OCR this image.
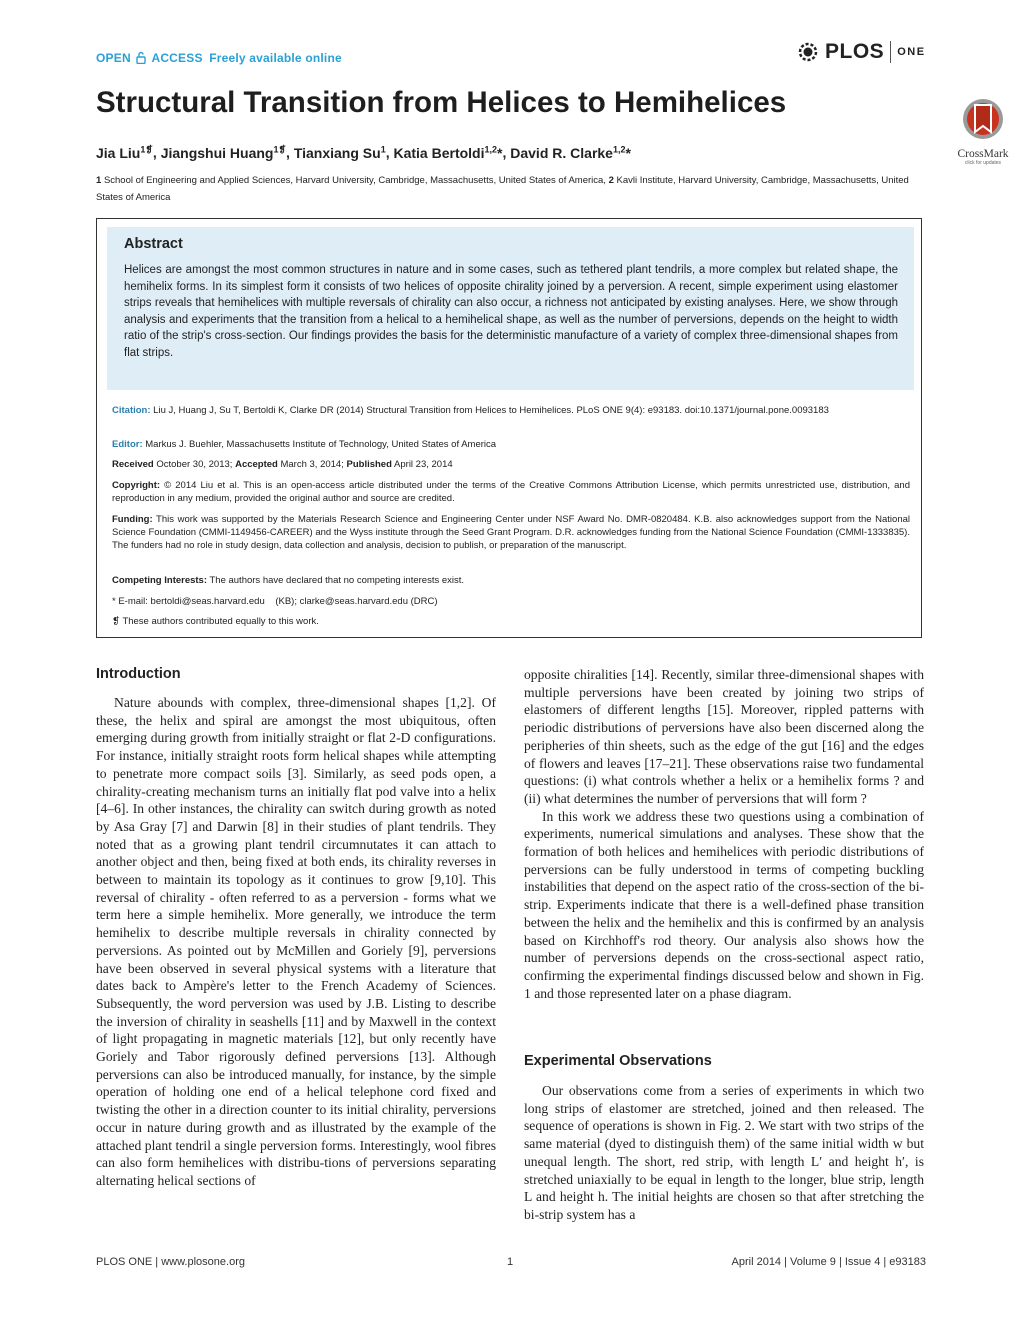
OPEN ACCESS Freely available online	PLOS ONE
Structural Transition from Helices to Hemihelices
CrossMark
click for updates
Jia Liu$^{1❡}$, Jiangshui Huang$^{1❡}$, Tianxiang Su$^1$, Katia Bertoldi$^{1,2}$*, David R. Clarke$^{1,2}$*
1 School of Engineering and Applied Sciences, Harvard University, Cambridge, Massachusetts, United States of America, 2 Kavli Institute, Harvard University, Cambridge, Massachusetts, United States of America
Abstract
Helices are amongst the most common structures in nature and in some cases, such as tethered plant tendrils, a more complex but related shape, the hemihelix forms. In its simplest form it consists of two helices of opposite chirality joined by a perversion. A recent, simple experiment using elastomer strips reveals that hemihelices with multiple reversals of chirality can also occur, a richness not anticipated by existing analyses. Here, we show through analysis and experiments that the transition from a helical to a hemihelical shape, as well as the number of perversions, depends on the height to width ratio of the strip's cross-section. Our findings provides the basis for the deterministic manufacture of a variety of complex three-dimensional shapes from flat strips.
Citation: Liu J, Huang J, Su T, Bertoldi K, Clarke DR (2014) Structural Transition from Helices to Hemihelices. PLoS ONE 9(4): e93183. doi:10.1371/journal.pone.0093183
Editor: Markus J. Buehler, Massachusetts Institute of Technology, United States of America
Received October 30, 2013; Accepted March 3, 2014; Published April 23, 2014
Copyright: © 2014 Liu et al. This is an open-access article distributed under the terms of the Creative Commons Attribution License, which permits unrestricted use, distribution, and reproduction in any medium, provided the original author and source are credited.
Funding: This work was supported by the Materials Research Science and Engineering Center under NSF Award No. DMR-0820484. K.B. also acknowledges support from the National Science Foundation (CMMI-1149456-CAREER) and the Wyss institute through the Seed Grant Program. D.R. acknowledges funding from the National Science Foundation (CMMI-1333835). The funders had no role in study design, data collection and analysis, decision to publish, or preparation of the manuscript.
Competing Interests: The authors have declared that no competing interests exist.
* E-mail: bertoldi@seas.harvard.edu (KB); clarke@seas.harvard.edu (DRC)
❡ These authors contributed equally to this work.
Introduction

Nature abounds with complex, three-dimensional shapes [1,2]. Of these, the helix and spiral are amongst the most ubiquitous, often emerging during growth from initially straight or flat 2-D configurations. For instance, initially straight roots form helical shapes while attempting to penetrate more compact soils [3]. Similarly, as seed pods open, a chirality-creating mechanism turns an initially flat pod valve into a helix [4–6]. In other instances, the chirality can switch during growth as noted by Asa Gray [7] and Darwin [8] in their studies of plant tendrils. They noted that as a growing plant tendril circumnutates it can attach to another object and then, being fixed at both ends, its chirality reverses in between to maintain its topology as it continues to grow [9,10]. This reversal of chirality - often referred to as a perversion - forms what we term here a simple hemihelix. More generally, we introduce the term hemihelix to describe multiple reversals in chirality connected by perversions. As pointed out by McMillen and Goriely [9], perversions have been observed in several physical systems with a literature that dates back to Ampère's letter to the French Academy of Sciences. Subsequently, the word perversion was used by J.B. Listing to describe the inversion of chirality in seashells [11] and by Maxwell in the context of light propagating in magnetic materials [12], but only recently have Goriely and Tabor rigorously defined perversions [13]. Although perversions can also be introduced manually, for instance, by the simple operation of holding one end of a helical telephone cord fixed and twisting the other in a direction counter to its initial chirality, perversions occur in nature during growth and as illustrated by the example of the attached plant tendril a single perversion forms. Interestingly, wool fibres can also form hemihelices with distribu-tions of perversions separating alternating helical sections of

opposite chiralities [14]. Recently, similar three-dimensional shapes with multiple perversions have been created by joining two strips of elastomers of different lengths [15]. Moreover, rippled patterns with periodic distributions of perversions have also been discerned along the peripheries of thin sheets, such as the edge of the gut [16] and the edges of flowers and leaves [17–21]. These observations raise two fundamental questions: (i) what controls whether a helix or a hemihelix forms ? and (ii) what determines the number of perversions that will form ?

In this work we address these two questions using a combination of experiments, numerical simulations and analyses. These show that the formation of both helices and hemihelices with periodic distributions of perversions can be fully understood in terms of competing buckling instabilities that depend on the aspect ratio of the cross-section of the bi-strip. Experiments indicate that there is a well-defined phase transition between the helix and the hemihelix and this is confirmed by an analysis based on Kirchhoff's rod theory. Our analysis also shows how the number of perversions depends on the cross-sectional aspect ratio, confirming the experimental findings discussed below and shown in Fig. 1 and those represented later on a phase diagram.

Experimental Observations

Our observations come from a series of experiments in which two long strips of elastomer are stretched, joined and then released. The sequence of operations is shown in Fig. 2. We start with two strips of the same material (dyed to distinguish them) of the same initial width w but unequal length. The short, red strip, with length L′ and height h′, is stretched uniaxially to be equal in length to the longer, blue strip, length L and height h. The initial heights are chosen so that after stretching the bi-strip system has a

PLOS ONE | www.plosone.org	1	April 2014 | Volume 9 | Issue 4 | e93183
